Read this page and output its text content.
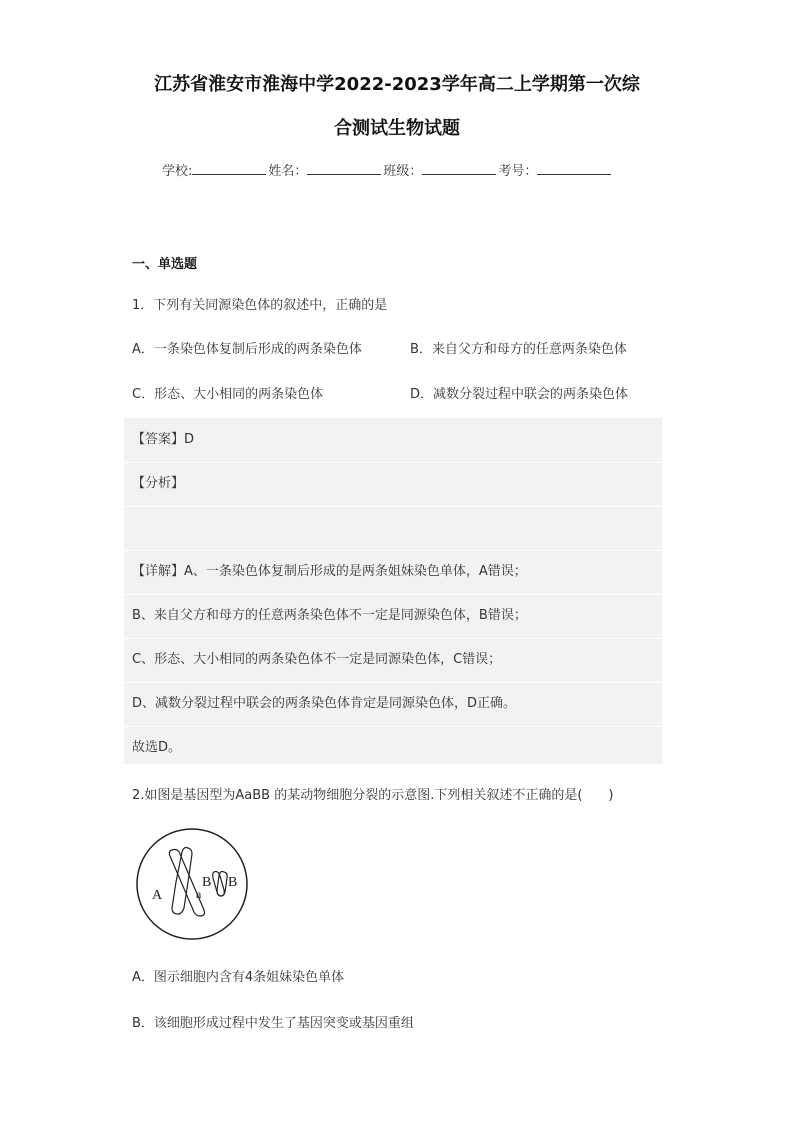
江苏省淮安市淮海中学2022-2023学年高二上学期第一次综
合测试生物试题
学校:	姓名：	班级：	考号：

一、单选题

1．下列有关同源染色体的叙述中，正确的是

A．一条染色体复制后形成的两条染色体	B．来自父方和母方的任意两条染色体

C．形态、大小相同的两条染色体	D．减数分裂过程中联会的两条染色体

【答案】D

【分析】

【详解】A、一条染色体复制后形成的是两条姐妹染色单体，A错误；

B、来自父方和母方的任意两条染色体不一定是同源染色体，B错误；

C、形态、大小相同的两条染色体不一定是同源染色体，C错误；

D、减数分裂过程中联会的两条染色体肯定是同源染色体，D正确。

故选D。

2.如图是基因型为AaBB 的某动物细胞分裂的示意图.下列相关叙述不正确的是(　　)

A	a
B B

A．图示细胞内含有4条姐妹染色单体

B．该细胞形成过程中发生了基因突变或基因重组
